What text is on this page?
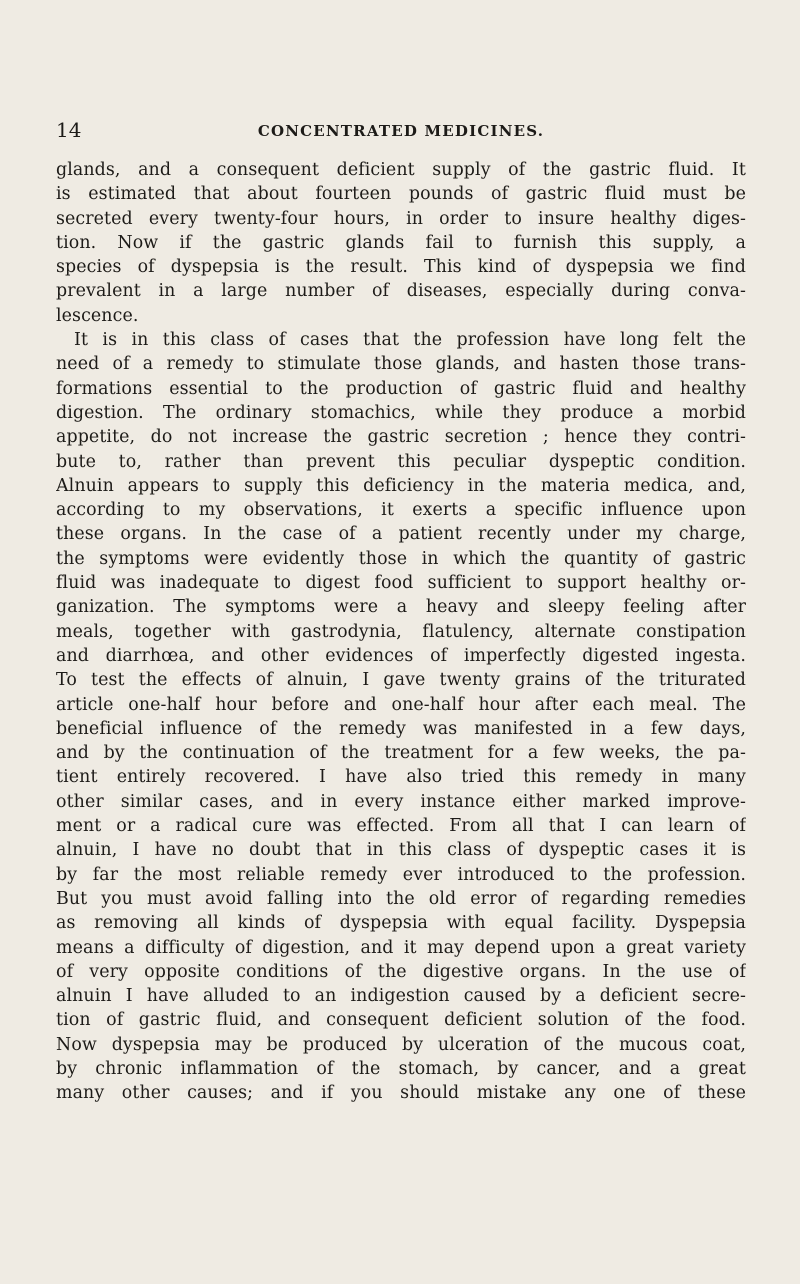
14	CONCENTRATED MEDICINES.
glands, and a consequent deficient supply of the gastric fluid. It
is estimated that about fourteen pounds of gastric fluid must be
secreted every twenty-four hours, in order to insure healthy diges-
tion. Now if the gastric glands fail to furnish this supply, a
species of dyspepsia is the result. This kind of dyspepsia we find
prevalent in a large number of diseases, especially during conva-
lescence.
It is in this class of cases that the profession have long felt the
need of a remedy to stimulate those glands, and hasten those trans-
formations essential to the production of gastric fluid and healthy
digestion. The ordinary stomachics, while they produce a morbid
appetite, do not increase the gastric secretion ; hence they contri-
bute to, rather than prevent this peculiar dyspeptic condition.
Alnuin appears to supply this deficiency in the materia medica, and,
according to my observations, it exerts a specific influence upon
these organs. In the case of a patient recently under my charge,
the symptoms were evidently those in which the quantity of gastric
fluid was inadequate to digest food sufficient to support healthy or-
ganization. The symptoms were a heavy and sleepy feeling after
meals, together with gastrodynia, flatulency, alternate constipation
and diarrhœa, and other evidences of imperfectly digested ingesta.
To test the effects of alnuin, I gave twenty grains of the triturated
article one-half hour before and one-half hour after each meal. The
beneficial influence of the remedy was manifested in a few days,
and by the continuation of the treatment for a few weeks, the pa-
tient entirely recovered. I have also tried this remedy in many
other similar cases, and in every instance either marked improve-
ment or a radical cure was effected. From all that I can learn of
alnuin, I have no doubt that in this class of dyspeptic cases it is
by far the most reliable remedy ever introduced to the profession.
But you must avoid falling into the old error of regarding remedies
as removing all kinds of dyspepsia with equal facility. Dyspepsia
means a difficulty of digestion, and it may depend upon a great variety
of very opposite conditions of the digestive organs. In the use of
alnuin I have alluded to an indigestion caused by a deficient secre-
tion of gastric fluid, and consequent deficient solution of the food.
Now dyspepsia may be produced by ulceration of the mucous coat,
by chronic inflammation of the stomach, by cancer, and a great
many other causes; and if you should mistake any one of these
